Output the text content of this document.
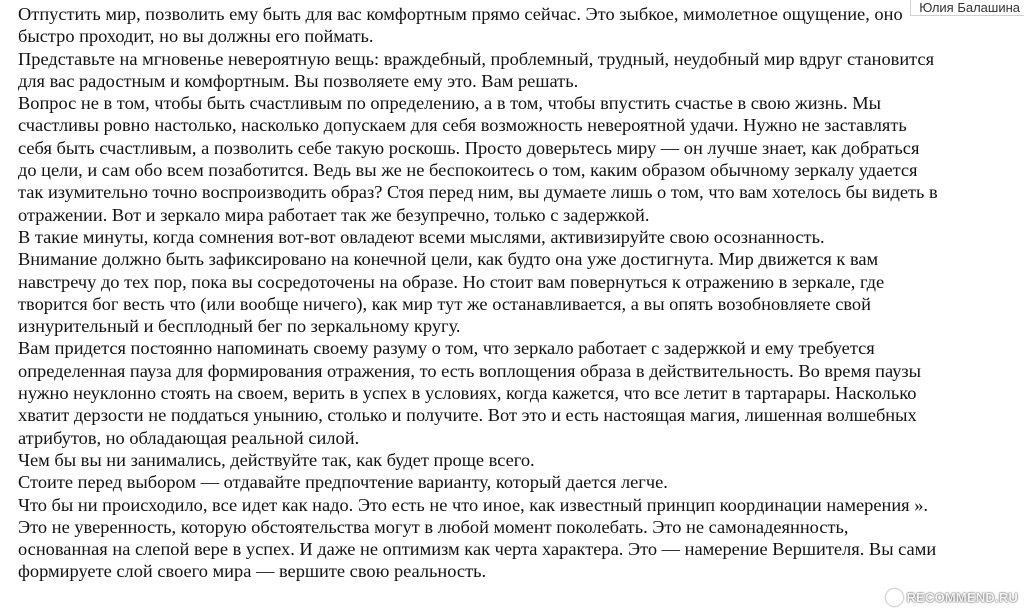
Отпустить мир, позволить ему быть для вас комфортным прямо сейчас. Это зыбкое, мимолетное ощущение, оно
быстро проходит, но вы должны его поймать.
Представьте на мгновенье невероятную вещь: враждебный, проблемный, трудный, неудобный мир вдруг становится
для вас радостным и комфортным. Вы позволяете ему это. Вам решать.
Вопрос не в том, чтобы быть счастливым по определению, а в том, чтобы впустить счастье в свою жизнь. Мы
счастливы ровно настолько, насколько допускаем для себя возможность невероятной удачи. Нужно не заставлять
себя быть счастливым, а позволить себе такую роскошь. Просто доверьтесь миру — он лучше знает, как добраться
до цели, и сам обо всем позаботится. Ведь вы же не беспокоитесь о том, каким образом обычному зеркалу удается
так изумительно точно воспроизводить образ? Стоя перед ним, вы думаете лишь о том, что вам хотелось бы видеть в
отражении. Вот и зеркало мира работает так же безупречно, только с задержкой.
В такие минуты, когда сомнения вот-вот овладеют всеми мыслями, активизируйте свою осознанность.
Внимание должно быть зафиксировано на конечной цели, как будто она уже достигнута. Мир движется к вам
навстречу до тех пор, пока вы сосредоточены на образе. Но стоит вам повернуться к отражению в зеркале, где
творится бог весть что (или вообще ничего), как мир тут же останавливается, а вы опять возобновляете свой
изнурительный и бесплодный бег по зеркальному кругу.
Вам придется постоянно напоминать своему разуму о том, что зеркало работает с задержкой и ему требуется
определенная пауза для формирования отражения, то есть воплощения образа в действительность. Во время паузы
нужно неуклонно стоять на своем, верить в успех в условиях, когда кажется, что все летит в тартарары. Насколько
хватит дерзости не поддаться унынию, столько и получите. Вот это и есть настоящая магия, лишенная волшебных
атрибутов, но обладающая реальной силой.
Чем бы вы ни занимались, действуйте так, как будет проще всего.
Стоите перед выбором — отдавайте предпочтение варианту, который дается легче.
Что бы ни происходило, все идет как надо. Это есть не что иное, как известный принцип координации намерения ».
Это не уверенность, которую обстоятельства могут в любой момент поколебать. Это не самонадеянность,
основанная на слепой вере в успех. И даже не оптимизм как черта характера. Это — намерение Вершителя. Вы сами
формируете слой своего мира — вершите свою реальность.
Юлия Балашина
RECOMMEND.RU
